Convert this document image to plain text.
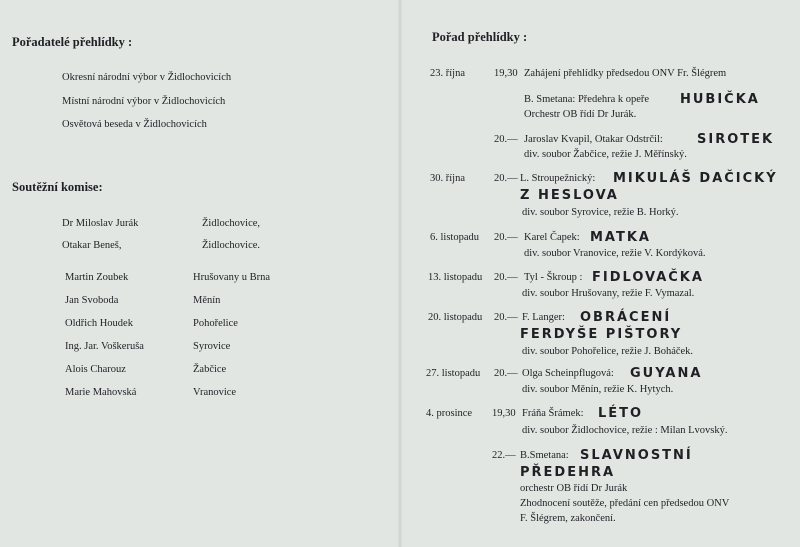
Pořadatelé přehlídky :
Okresní národní výbor v Židlochovicích
Místní národní výbor v Židlochovicích
Osvětová beseda v Židlochovicích
Soutěžní komise:
Dr Miloslav Jurák	Židlochovice,
Otakar Beneš,	Židlochovice.
Martin Zoubek	Hrušovany u Brna
Jan Svoboda	Měnín
Oldřich Houdek	Pohořelice
Ing. Jar. Voškeruša	Syrovice
Alois Charouz	Žabčice
Marie Mahovská	Vranovice
Pořad přehlídky :
23. října	19,30 Zahájení přehlídky předsedou ONV Fr. Šlégrem
B. Smetana: Předehra k opeře HUBIČKA
Orchestr OB řídí Dr Jurák.
20.— Jaroslav Kvapil, Otakar Odstrčil:	SIROTEK
div. soubor Žabčice, režie J. Měřínský.
30. října	20.— L. Stroupežnický: MIKULÁŠ DAČICKÝ
Z HESLOVA
div. soubor Syrovice, režie B. Horký.
6. listopadu 20.— Karel Čapek: MATKA
div. soubor Vranovice, režie V. Kordýková.
13. listopadu 20.— Tyl - Škroup : FIDLOVAČKA
div. soubor Hrušovany, režie F. Vymazal.
20. listopadu 20.— F. Langer: OBRÁCENÍ
FERDYŠE PIŠTORY
div. soubor Pohořelice, režie J. Boháček.
27. listopadu 20.— Olga Scheinpflugová: GUYANA
div. soubor Měnín, režie K. Hytych.
4. prosince 19,30 Fráňa Šrámek: LÉTO
div. soubor Židlochovice, režie : Milan Lvovský.
22.— B.Smetana: SLAVNOSTNÍ
PŘEDEHRA
orchestr OB řídí Dr Jurák
Zhodnocení soutěže, předání cen předsedou ONV
F. Šlégrem, zakončení.
